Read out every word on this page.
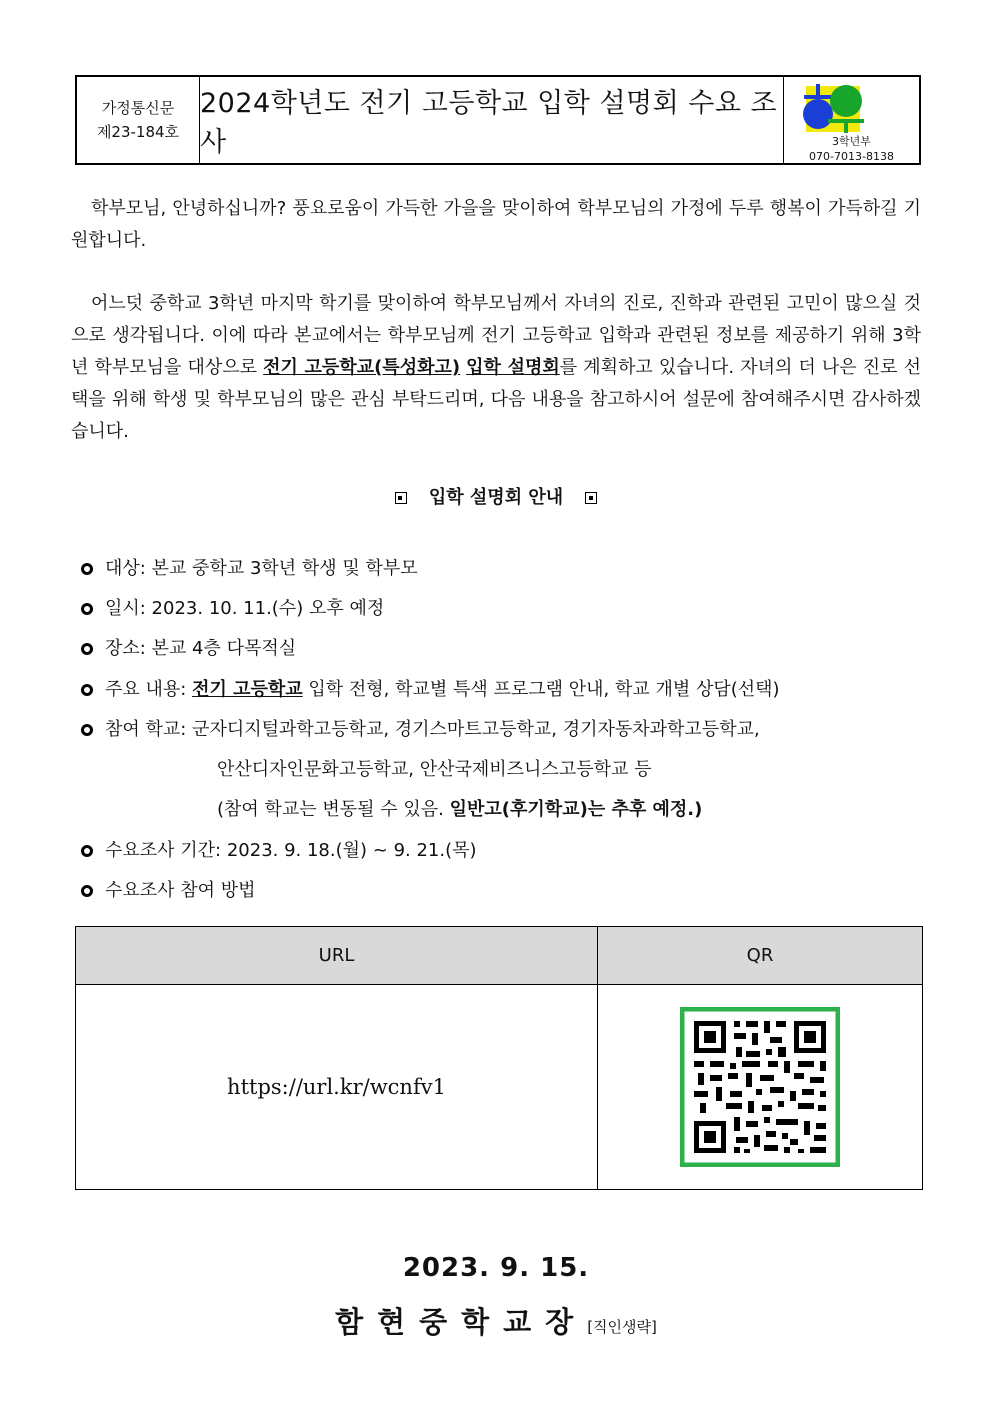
가정통신문
제23-184호
2024학년도 전기 고등학교 입학 설명회 수요 조사	3학년부
070-7013-8138

학부모님, 안녕하십니까? 풍요로움이 가득한 가을을 맞이하여 학부모님의 가정에 두루 행복이 가득하길 기원합니다.

어느덧 중학교 3학년 마지막 학기를 맞이하여 학부모님께서 자녀의 진로, 진학과 관련된 고민이 많으실 것으로 생각됩니다. 이에 따라 본교에서는 학부모님께 전기 고등학교 입학과 관련된 정보를 제공하기 위해 3학년 학부모님을 대상으로 전기 고등학교(특성화고) 입학 설명회를 계획하고 있습니다. 자녀의 더 나은 진로 선택을 위해 학생 및 학부모님의 많은 관심 부탁드리며, 다음 내용을 참고하시어 설문에 참여해주시면 감사하겠습니다.

입학 설명회 안내
대상: 본교 중학교 3학년 학생 및 학부모
일시: 2023. 10. 11.(수) 오후 예정
장소: 본교 4층 다목적실
주요 내용: 전기 고등학교 입학 전형, 학교별 특색 프로그램 안내, 학교 개별 상담(선택)
참여 학교: 군자디지털과학고등학교, 경기스마트고등학교, 경기자동차과학고등학교,
안산디자인문화고등학교, 안산국제비즈니스고등학교 등
(참여 학교는 변동될 수 있음. 일반고(후기학교)는 추후 예정.)
수요조사 기간: 2023. 9. 18.(월) ~ 9. 21.(목)
수요조사 참여 방법
URL	QR
https://url.kr/wcnfv1	
2023. 9. 15.
함현중학교장[직인생략]
